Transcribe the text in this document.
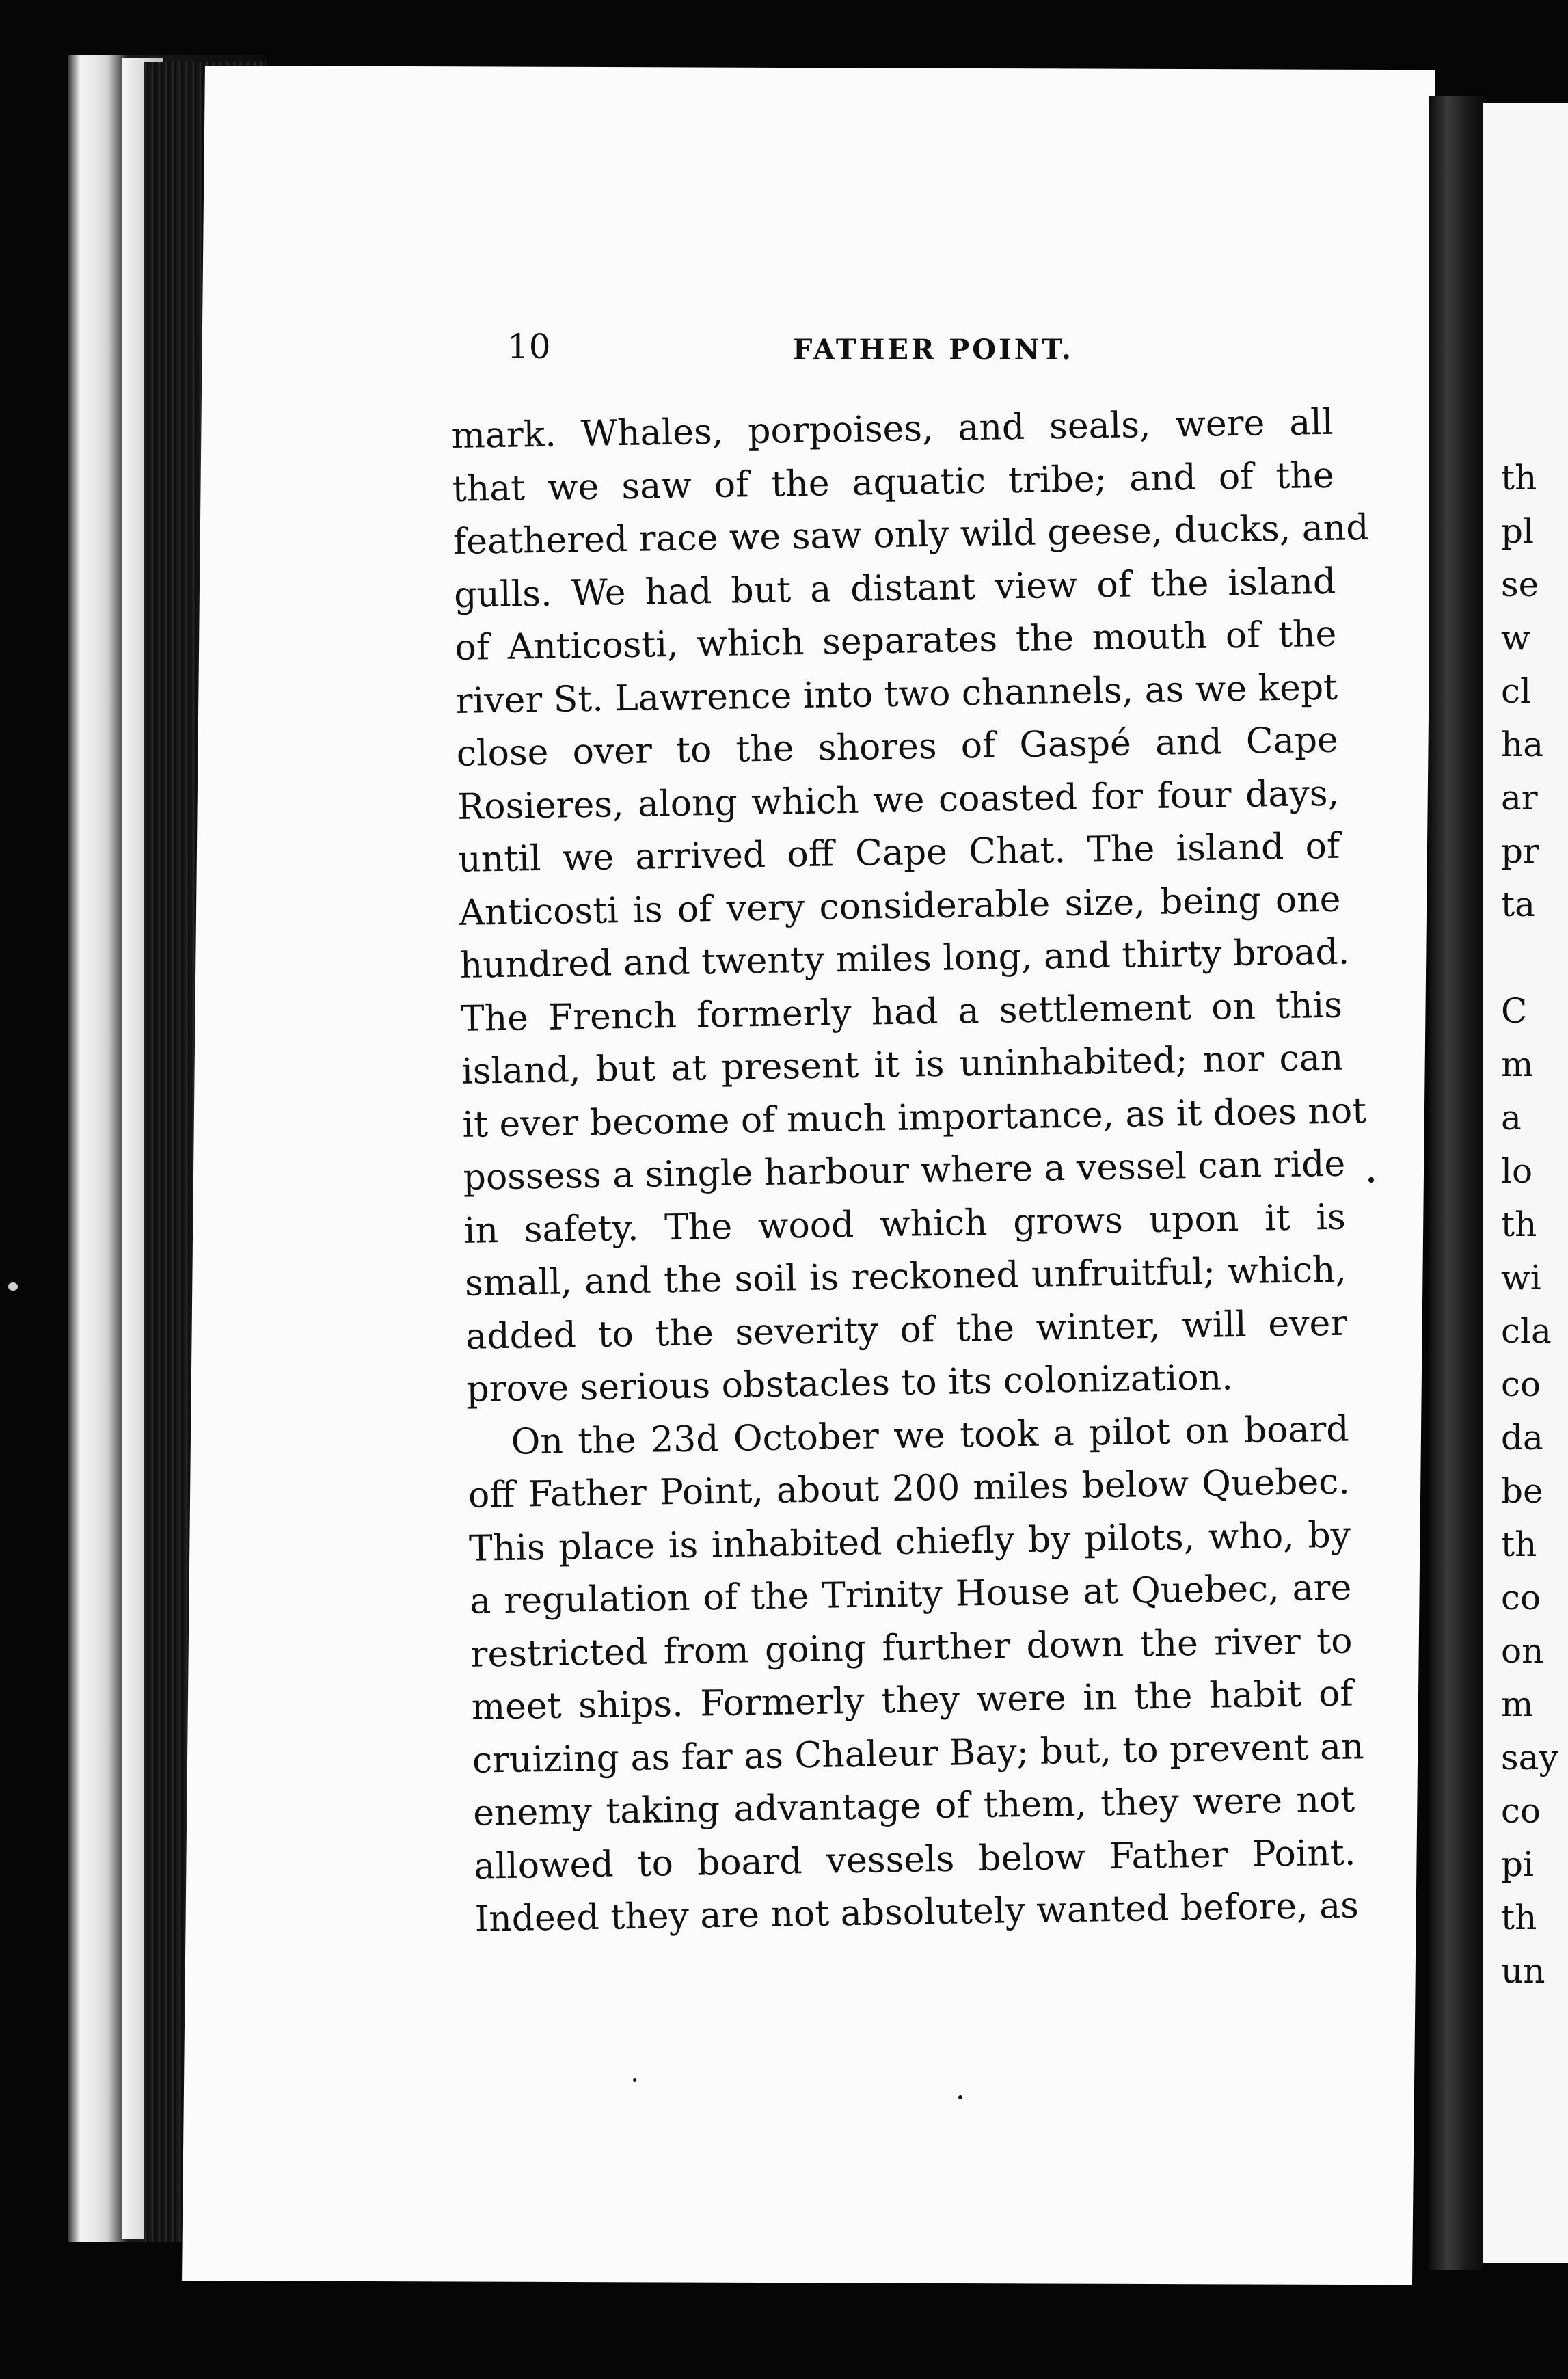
th
pl
se
w
cl
ha
ar
pr
ta
C
m
a
lo
th
wi
cla
co
da
be
th
co
on
m
say
co
pi
th
un
10	FATHER POINT.
mark. Whales, porpoises, and seals, were all
that we saw of the aquatic tribe; and of the
feathered race we saw only wild geese, ducks, and
gulls. We had but a distant view of the island
of Anticosti, which separates the mouth of the
river St. Lawrence into two channels, as we kept
close over to the shores of Gaspé and Cape
Rosieres, along which we coasted for four days,
until we arrived off Cape Chat. The island of
Anticosti is of very considerable size, being one
hundred and twenty miles long, and thirty broad.
The French formerly had a settlement on this
island, but at present it is uninhabited; nor can
it ever become of much importance, as it does not
possess a single harbour where a vessel can ride
in safety. The wood which grows upon it is
small, and the soil is reckoned unfruitful; which,
added to the severity of the winter, will ever
prove serious obstacles to its colonization.
On the 23d October we took a pilot on board
off Father Point, about 200 miles below Quebec.
This place is inhabited chiefly by pilots, who, by
a regulation of the Trinity House at Quebec, are
restricted from going further down the river to
meet ships. Formerly they were in the habit of
cruizing as far as Chaleur Bay; but, to prevent an
enemy taking advantage of them, they were not
allowed to board vessels below Father Point.
Indeed they are not absolutely wanted before, as
